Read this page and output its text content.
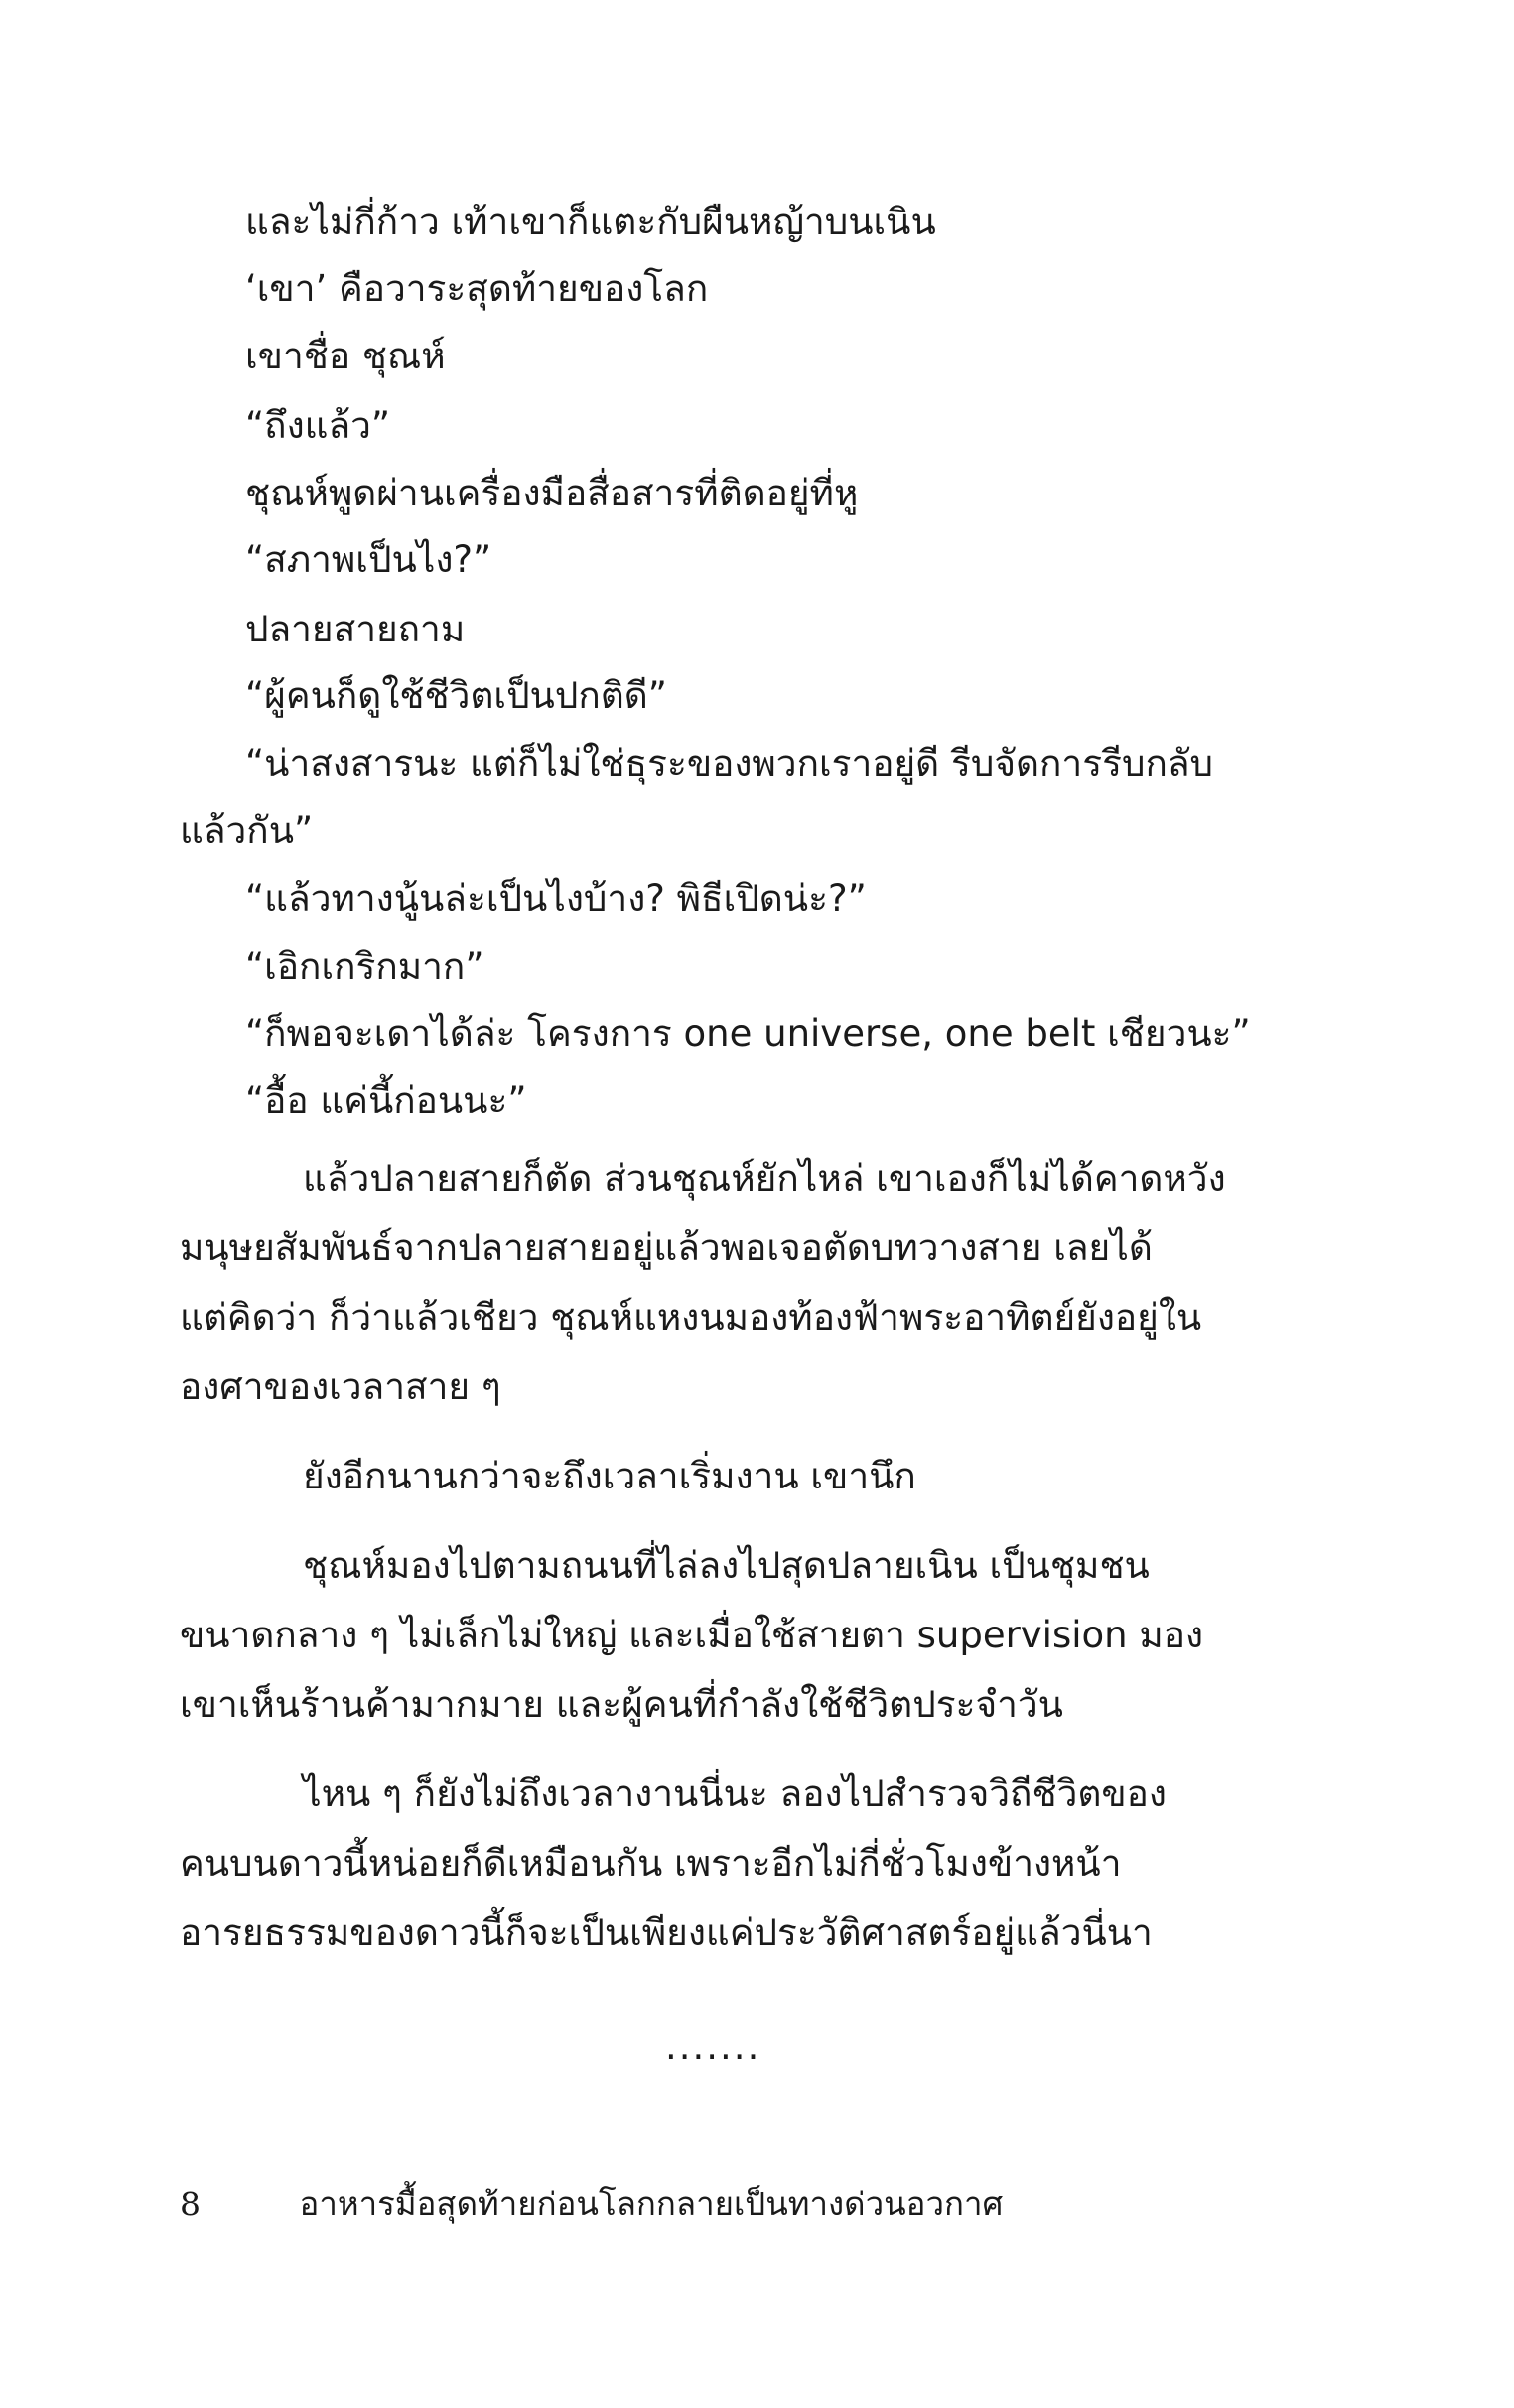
และไม่กี่ก้าว เท้าเขาก็แตะกับผืนหญ้าบนเนิน
‘เขา’ คือวาระสุดท้ายของโลก
เขาชื่อ ชุณห์
“ถึงแล้ว”
ชุณห์พูดผ่านเครื่องมือสื่อสารที่ติดอยู่ที่หู
“สภาพเป็นไง?”
ปลายสายถาม
“ผู้คนก็ดูใช้ชีวิตเป็นปกติดี”
“น่าสงสารนะ แต่ก็ไม่ใช่ธุระของพวกเราอยู่ดี รีบจัดการรีบกลับ
แล้วกัน”
“แล้วทางนู้นล่ะเป็นไงบ้าง? พิธีเปิดน่ะ?”
“เอิกเกริกมาก”
“ก็พอจะเดาได้ล่ะ โครงการ one universe, one belt เชียวนะ”
“อื้อ แค่นี้ก่อนนะ”
แล้วปลายสายก็ตัด ส่วนชุณห์ยักไหล่ เขาเองก็ไม่ได้คาดหวัง
มนุษยสัมพันธ์จากปลายสายอยู่แล้วพอเจอตัดบทวางสาย เลยได้
แต่คิดว่า ก็ว่าแล้วเชียว ชุณห์แหงนมองท้องฟ้าพระอาทิตย์ยังอยู่ใน
องศาของเวลาสาย ๆ
ยังอีกนานกว่าจะถึงเวลาเริ่มงาน เขานึก
ชุณห์มองไปตามถนนที่ไล่ลงไปสุดปลายเนิน เป็นชุมชน
ขนาดกลาง ๆ ไม่เล็กไม่ใหญ่ และเมื่อใช้สายตา supervision มอง
เขาเห็นร้านค้ามากมาย และผู้คนที่กำลังใช้ชีวิตประจำวัน
ไหน ๆ ก็ยังไม่ถึงเวลางานนี่นะ ลองไปสำรวจวิถีชีวิตของ
คนบนดาวนี้หน่อยก็ดีเหมือนกัน เพราะอีกไม่กี่ชั่วโมงข้างหน้า
อารยธรรมของดาวนี้ก็จะเป็นเพียงแค่ประวัติศาสตร์อยู่แล้วนี่นา
.......
8	อาหารมื้อสุดท้ายก่อนโลกกลายเป็นทางด่วนอวกาศ
